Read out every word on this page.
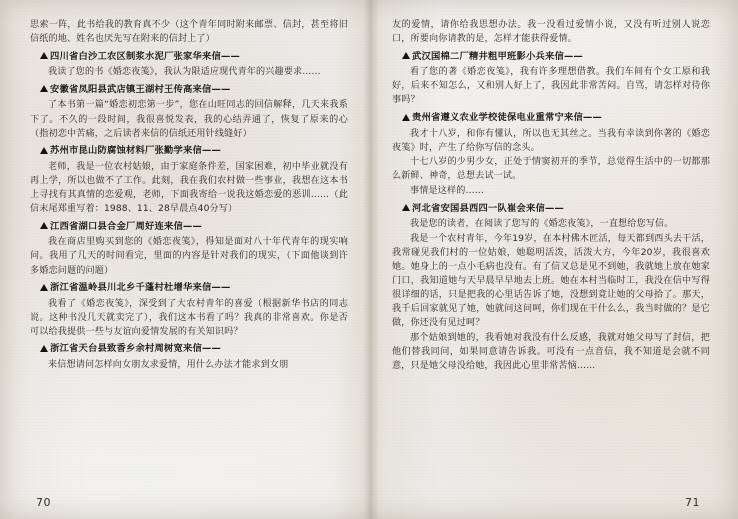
思索一阵，此书给我的教育真不少（这个青年同时附来邮票、信封，甚至将旧信纸的地、姓名也厌先写在附来的信封上了）

四川省白沙工农区制浆水泥厂张家华来信——

我读了您的书《婚恋夜笺》，我认为限适应现代青年的兴趣要求……

安徽省凤阳县武店镇王湖村王传高来信——

了本书第一篇“婚恋初恋第一步”，您在山旺同志的回信解释，几天来我系下了。不久的一段时间，我很喜悦发表，我的心结弄通了，恢复了原来的心（指初恋中苦痛，之后读者来信的信纸还用针线缝好）

苏州市昆山防腐蚀材料厂张勤学来信——

老师，我是一位农村姑娘，由于家庭条件差，国家困难，初中毕业就没有再上学，所以也做不了工作。此刻，我在我们农村做一些事业，我想在这本书上寻找有其真情的恋爱观，老师，下面我寄给一说我这婚恋爱的恶训……（此信末尾郑重写着：1988、11、28早晨点40分写）

江西省湖口县合金厂周好连来信——

我在商店里购买到您的《婚恋夜笺》，得知是面对八十年代青年的现实响问。我用了几天的时间看完，里面的内容是针对我们的现实，（下面他谈到许多婚恋问题的问题）

浙江省温岭县川北乡千蓬村杜增华来信——

我看了《婚恋夜笺》，深受到了大农村青年的喜爱（根据新华书店的同志说。这种书没几天就卖完了），我们这本书看了吗？我真的非常喜欢。你是否可以给我提供一些与友谊向爱情发展的有关知识吗？

浙江省天台县致香乡余村周树宽来信——

来信想请问怎样向女朋友求爱情，用什么办法才能求到女朋

友的爱情，请你给我思想办法。我一没看过爱情小说，又没有听过别人说恋口，所要向你请教的是，怎样才能获得爱情。

武汉国棉二厂精井粗甲班影小兵来信——

看了您的著《婚恋夜笺》，我有许多理想借教。我们车间有个女工原和我好，后来不知怎么，又和别人好上了，我因此非常苦闷。自骂，请怎样对待你事吗？

贵州省遵义农业学校徒保电业重常宁来信——

我才十八岁，和你有懂认，所以也无其丝之。当我有幸读到你著的《婚恋夜笺》时，产生了给你写信的念头。

十七八岁的少男少女，正处于情窦初开的季节，总觉得生活中的一切都那么新鲜、神奇，总想去试一试。

事情是这样的……

河北省安国县西四一队崔会来信——

我是您的读者，在阅读了您写的《婚恋夜笺》，一直想给您写信。

我是一个农村青年，今年19岁，在本村佛木匠活，每天都到西头去干活，我常碰见我们村的一位姑娘，她聪明活泼，活泼大方，今年20岁，我很喜欢她。她身上的一点小毛病也没有。有了信又总是见不到她，我就她上放在她家门口，我知道她与天早晨早早地去上班。她在本村当临时工，我没在信中写得很详细的话，只是把我的心里话告诉了她，没想到竟让她的父母拾了。那天，我千后回家就见了她，她就问这问呵，你们现在干什么么，我当时做的？是它做，你还没有见过呵？

那个姑娘到她的，我看她对我没有什么反感，我就对她父母写了封信，把他们替我同问，如果同意请告诉我。可没有一点音信，我不知道是会就不同意，只是她父母没给她，我因此心里非常苦恼……

70	71
